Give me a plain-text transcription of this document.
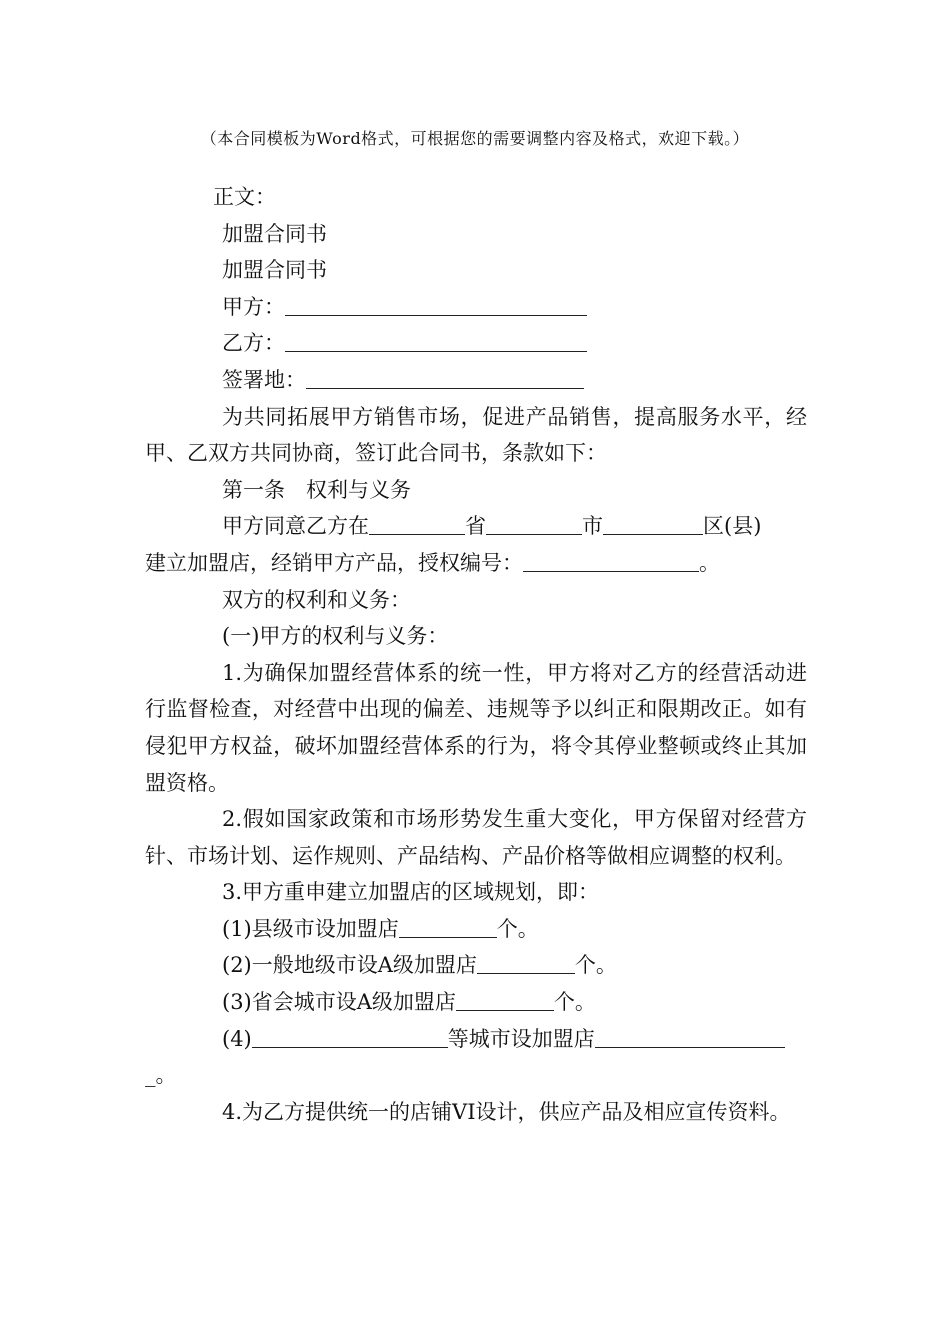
（本合同模板为Word格式，可根据您的需要调整内容及格式，欢迎下载。）
正文：
加盟合同书
加盟合同书
甲方：
乙方：
签署地：
为共同拓展甲方销售市场，促进产品销售，提高服务水平，经甲、乙双方共同协商，签订此合同书，条款如下：
第一条　权利与义务
甲方同意乙方在	省	市	区(县)
建立加盟店，经销甲方产品，授权编号：	。
双方的权利和义务：
(一)甲方的权利与义务：
1.为确保加盟经营体系的统一性，甲方将对乙方的经营活动进行监督检查，对经营中出现的偏差、违规等予以纠正和限期改正。如有侵犯甲方权益，破坏加盟经营体系的行为，将令其停业整顿或终止其加盟资格。
2.假如国家政策和市场形势发生重大变化，甲方保留对经营方针、市场计划、运作规则、产品结构、产品价格等做相应调整的权利。
3.甲方重申建立加盟店的区域规划，即：
(1)县级市设加盟店	个。
(2)一般地级市设A级加盟店	个。
(3)省会城市设A级加盟店	个。
(4)	等城市设加盟店
_。
4.为乙方提供统一的店铺VI设计，供应产品及相应宣传资料。
